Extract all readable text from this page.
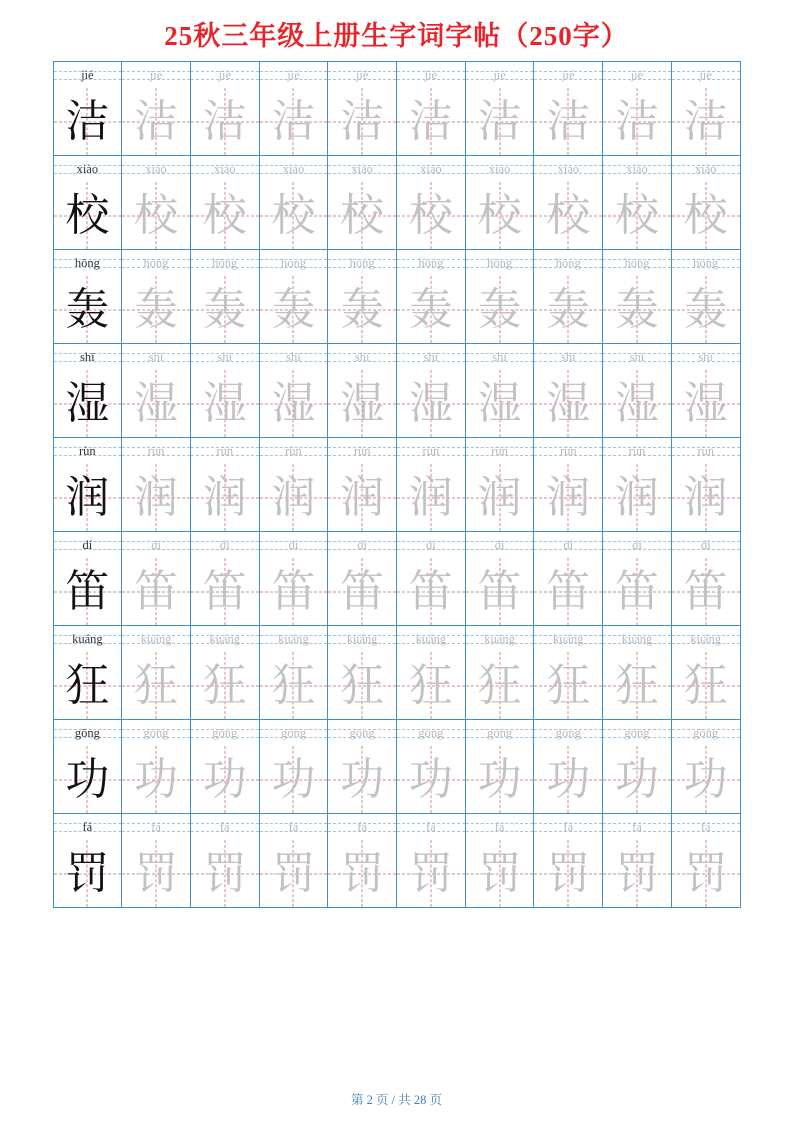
25秋三年级上册生字词字帖（250字）
jié	jié	jié	jié	jié	jié	jié	jié	jié	jié
洁 洁 洁 洁 洁 洁 洁 洁 洁 洁
xiào	xiào	xiào	xiào	xiào	xiào	xiào	xiào	xiào	xiào
校 校 校 校 校 校 校 校 校 校
hōng	hōng	hōng	hōng	hōng	hōng	hōng	hōng	hōng	hōng
轰 轰 轰 轰 轰 轰 轰 轰 轰 轰
shī	shī	shī	shī	shī	shī	shī	shī	shī	shī
湿 湿 湿 湿 湿 湿 湿 湿 湿 湿
rùn	rùn	rùn	rùn	rùn	rùn	rùn	rùn	rùn	rùn
润 润 润 润 润 润 润 润 润 润
dí	dí	dí	dí	dí	dí	dí	dí	dí	dí
笛 笛 笛 笛 笛 笛 笛 笛 笛 笛
kuáng	kuáng	kuáng	kuáng	kuáng	kuáng	kuáng	kuáng	kuáng	kuáng
狂 狂 狂 狂 狂 狂 狂 狂 狂 狂
gōng	gōng	gōng	gōng	gōng	gōng	gōng	gōng	gōng	gōng
功 功 功 功 功 功 功 功 功 功
fá	fá	fá	fá	fá	fá	fá	fá	fá	fá
罚 罚 罚 罚 罚 罚 罚 罚 罚 罚
第 2 页 / 共 28 页
